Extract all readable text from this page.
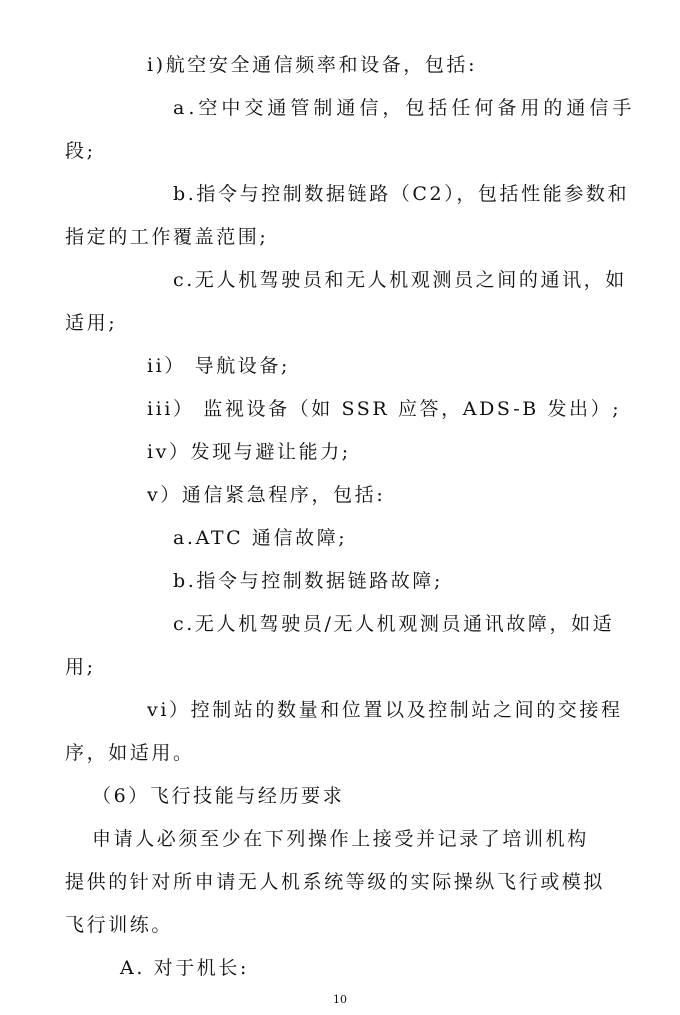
i)航空安全通信频率和设备，包括:
a.空中交通管制通信，包括任何备用的通信手
段;
b.指令与控制数据链路（C2），包括性能参数和
指定的工作覆盖范围;
c.无人机驾驶员和无人机观测员之间的通讯，如
适用;
ii） 导航设备;
iii） 监视设备（如 SSR 应答，ADS-B 发出）;
iv）发现与避让能力;
v）通信紧急程序，包括:
a.ATC 通信故障;
b.指令与控制数据链路故障;
c.无人机驾驶员/无人机观测员通讯故障，如适
用;
vi）控制站的数量和位置以及控制站之间的交接程
序，如适用。
（6）飞行技能与经历要求
申请人必须至少在下列操作上接受并记录了培训机构
提供的针对所申请无人机系统等级的实际操纵飞行或模拟
飞行训练。
A. 对于机长:
10
